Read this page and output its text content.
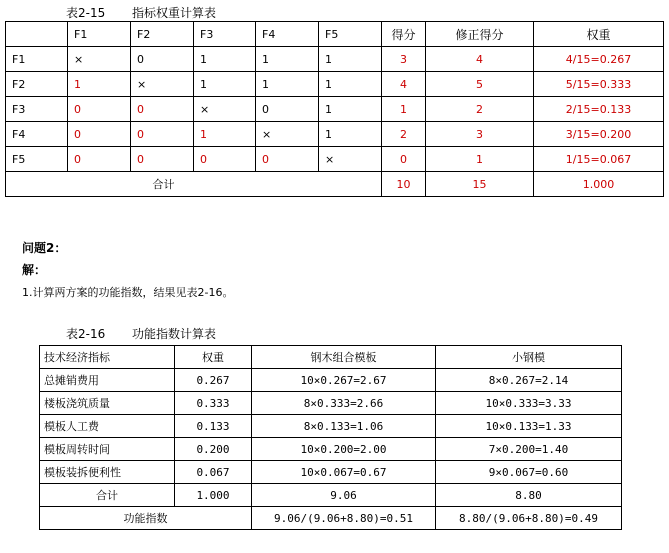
表2-15 指标权重计算表
	F1	F2	F3	F4	F5	得分	修正得分	权重
F1	×	0	1	1	1	3	4	4/15=0.267
F2	1	×	1	1	1	4	5	5/15=0.333
F3	0	0	×	0	1	1	2	2/15=0.133
F4	0	0	1	×	1	2	3	3/15=0.200
F5	0	0	0	0	×	0	1	1/15=0.067
合计						10	15	1.000
问题2：
解：
1.计算两方案的功能指数，结果见表2-16。
表2-16 功能指数计算表
技术经济指标	权重	钢木组合模板	小钢模
总摊销费用	0.267	10×0.267=2.67	8×0.267=2.14
楼板浇筑质量	0.333	8×0.333=2.66	10×0.333=3.33
模板人工费	0.133	8×0.133=1.06	10×0.133=1.33
模板周转时间	0.200	10×0.200=2.00	7×0.200=1.40
模板装拆便利性	0.067	10×0.067=0.67	9×0.067=0.60
合计	1.000	9.06	8.80
功能指数		9.06/(9.06+8.80)=0.51	8.80/(9.06+8.80)=0.49
